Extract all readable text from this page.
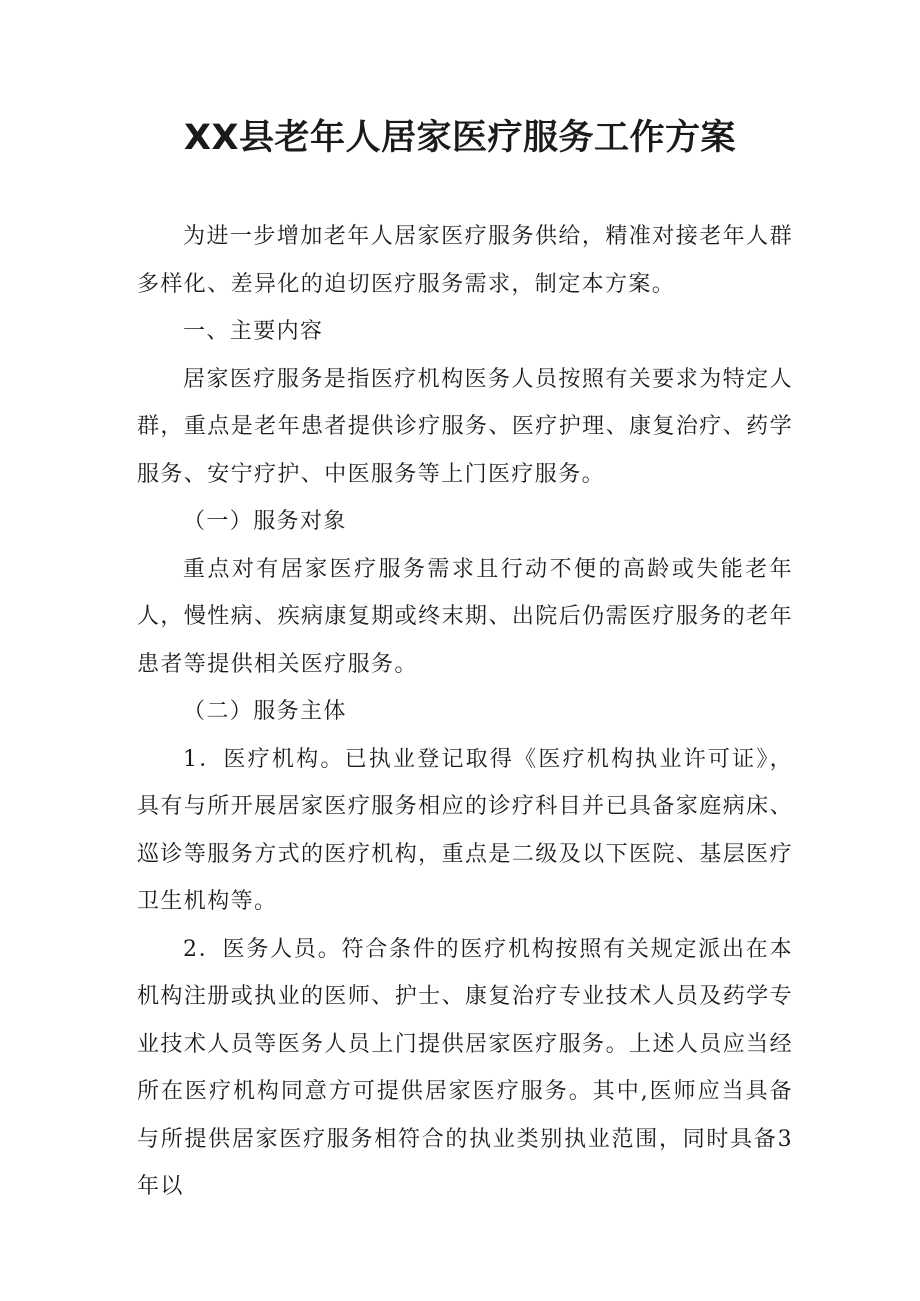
XX县老年人居家医疗服务工作方案

为进一步增加老年人居家医疗服务供给，精准对接老年人群多样化、差异化的迫切医疗服务需求，制定本方案。

一、主要内容

居家医疗服务是指医疗机构医务人员按照有关要求为特定人群，重点是老年患者提供诊疗服务、医疗护理、康复治疗、药学服务、安宁疗护、中医服务等上门医疗服务。

（一）服务对象

重点对有居家医疗服务需求且行动不便的高龄或失能老年人，慢性病、疾病康复期或终末期、出院后仍需医疗服务的老年患者等提供相关医疗服务。

（二）服务主体

1．医疗机构。已执业登记取得《医疗机构执业许可证》，具有与所开展居家医疗服务相应的诊疗科目并已具备家庭病床、巡诊等服务方式的医疗机构，重点是二级及以下医院、基层医疗卫生机构等。

2．医务人员。符合条件的医疗机构按照有关规定派出在本机构注册或执业的医师、护士、康复治疗专业技术人员及药学专业技术人员等医务人员上门提供居家医疗服务。上述人员应当经所在医疗机构同意方可提供居家医疗服务。其中,医师应当具备与所提供居家医疗服务相符合的执业类别执业范围，同时具备3年以
